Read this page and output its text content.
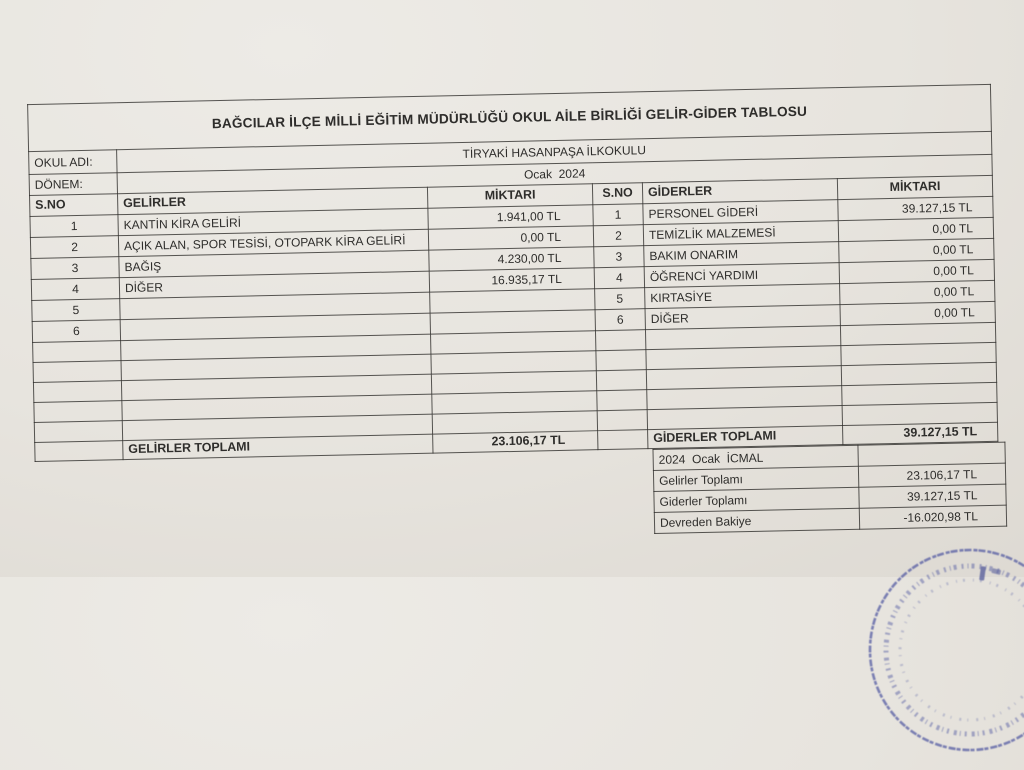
BAĞCILAR İLÇE MİLLİ EĞİTİM MÜDÜRLÜĞÜ OKUL AİLE BİRLİĞİ GELİR-GİDER TABLOSU					
OKUL ADI:	TİRYAKİ HASANPAŞA İLKOKULU				
DÖNEM:	Ocak  2024				
S.NO	GELİRLER	MİKTARI	S.NO	GİDERLER	MİKTARI
1	KANTİN KİRA GELİRİ	1.941,00 TL	1	PERSONEL GİDERİ	39.127,15 TL
2	AÇIK ALAN, SPOR TESİSİ, OTOPARK KİRA GELİRİ	0,00 TL	2	TEMİZLİK MALZEMESİ	0,00 TL
3	BAĞIŞ	4.230,00 TL	3	BAKIM ONARIM	0,00 TL
4	DİĞER	16.935,17 TL	4	ÖĞRENCİ YARDIMI	0,00 TL
5			5	KIRTASİYE	0,00 TL
6			6	DİĞER	0,00 TL

	GELİRLER TOPLAMI	23.106,17 TL		GİDERLER TOPLAMI	39.127,15 TL
2024  Ocak  İCMAL	
Gelirler Toplamı	23.106,17 TL
Giderler Toplamı	39.127,15 TL
Devreden Bakiye	-16.020,98 TL
